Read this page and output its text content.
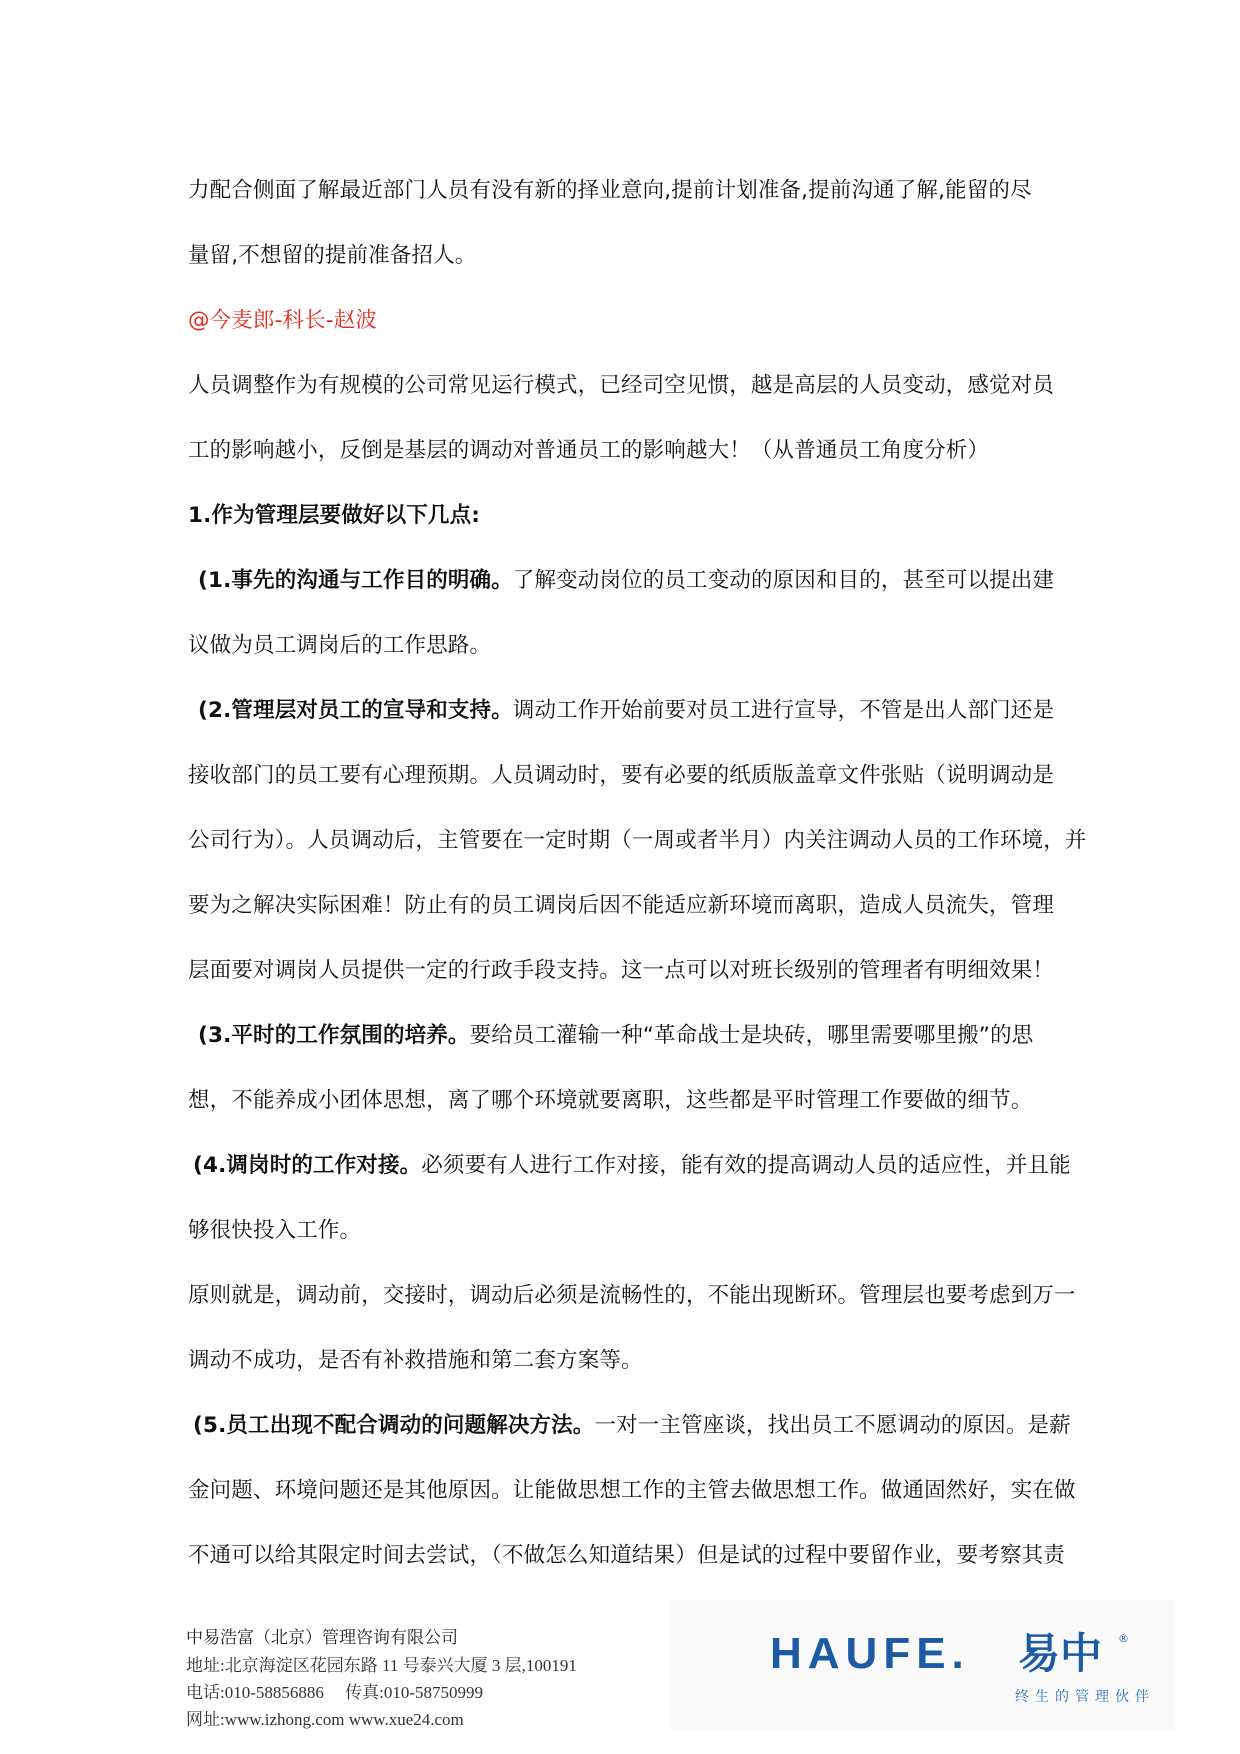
力配合侧面了解最近部门人员有没有新的择业意向,提前计划准备,提前沟通了解,能留的尽
量留,不想留的提前准备招人。
@今麦郎-科长-赵波
人员调整作为有规模的公司常见运行模式，已经司空见惯，越是高层的人员变动，感觉对员
工的影响越小，反倒是基层的调动对普通员工的影响越大！（从普通员工角度分析）
1.作为管理层要做好以下几点:
(1.事先的沟通与工作目的明确。了解变动岗位的员工变动的原因和目的，甚至可以提出建
议做为员工调岗后的工作思路。
(2.管理层对员工的宣导和支持。调动工作开始前要对员工进行宣导，不管是出人部门还是
接收部门的员工要有心理预期。人员调动时，要有必要的纸质版盖章文件张贴（说明调动是
公司行为）。人员调动后，主管要在一定时期（一周或者半月）内关注调动人员的工作环境，并
要为之解决实际困难！防止有的员工调岗后因不能适应新环境而离职，造成人员流失，管理
层面要对调岗人员提供一定的行政手段支持。这一点可以对班长级别的管理者有明细效果！
(3.平时的工作氛围的培养。要给员工灌输一种“革命战士是块砖，哪里需要哪里搬”的思
想，不能养成小团体思想，离了哪个环境就要离职，这些都是平时管理工作要做的细节。
(4.调岗时的工作对接。必须要有人进行工作对接，能有效的提高调动人员的适应性，并且能
够很快投入工作。
原则就是，调动前，交接时，调动后必须是流畅性的，不能出现断环。管理层也要考虑到万一
调动不成功，是否有补救措施和第二套方案等。
(5.员工出现不配合调动的问题解决方法。一对一主管座谈，找出员工不愿调动的原因。是薪
金问题、环境问题还是其他原因。让能做思想工作的主管去做思想工作。做通固然好，实在做
不通可以给其限定时间去尝试，（不做怎么知道结果）但是试的过程中要留作业，要考察其责
中易浩富（北京）管理咨询有限公司
地址:北京海淀区花园东路 11 号泰兴大厦 3 层,100191
电话:010-58856886　 传真:010-58750999
网址:www.izhong.com www.xue24.com
HAUFE. 易中 ®
终生的管理伙伴
